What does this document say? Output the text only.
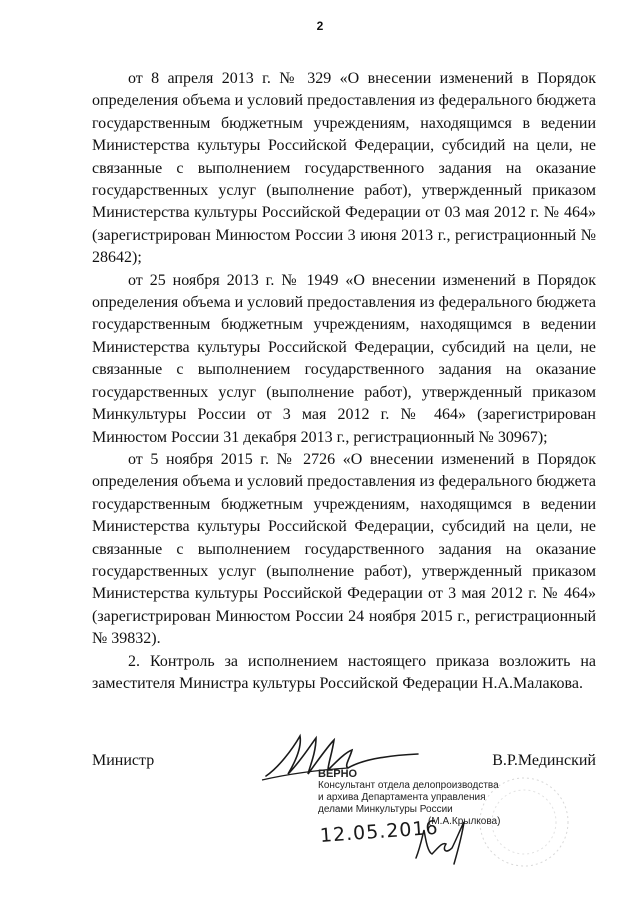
2

от 8 апреля 2013 г. № 329 «О внесении изменений в Порядок определения объема и условий предоставления из федерального бюджета государственным бюджетным учреждениям, находящимся в ведении Министерства культуры Российской Федерации, субсидий на цели, не связанные с выполнением государственного задания на оказание государственных услуг (выполнение работ), утвержденный приказом Министерства культуры Российской Федерации от 03 мая 2012 г. № 464» (зарегистрирован Минюстом России 3 июня 2013 г., регистрационный № 28642);

от 25 ноября 2013 г. № 1949 «О внесении изменений в Порядок определения объема и условий предоставления из федерального бюджета государственным бюджетным учреждениям, находящимся в ведении Министерства культуры Российской Федерации, субсидий на цели, не связанные с выполнением государственного задания на оказание государственных услуг (выполнение работ), утвержденный приказом Минкультуры России от 3 мая 2012 г. № 464» (зарегистрирован Минюстом России 31 декабря 2013 г., регистрационный № 30967);

от 5 ноября 2015 г. № 2726 «О внесении изменений в Порядок определения объема и условий предоставления из федерального бюджета государственным бюджетным учреждениям, находящимся в ведении Министерства культуры Российской Федерации, субсидий на цели, не связанные с выполнением государственного задания на оказание государственных услуг (выполнение работ), утвержденный приказом Министерства культуры Российской Федерации от 3 мая 2012 г. № 464» (зарегистрирован Минюстом России 24 ноября 2015 г., регистрационный № 39832).

2. Контроль за исполнением настоящего приказа возложить на заместителя Министра культуры Российской Федерации Н.А.Малакова.

Министр	В.Р.Мединский
ВЕРНО
Консультант отдела делопроизводства
и архива Департамента управления
делами Минкультуры России
(М.А.Крылкова)
12.05.2016
